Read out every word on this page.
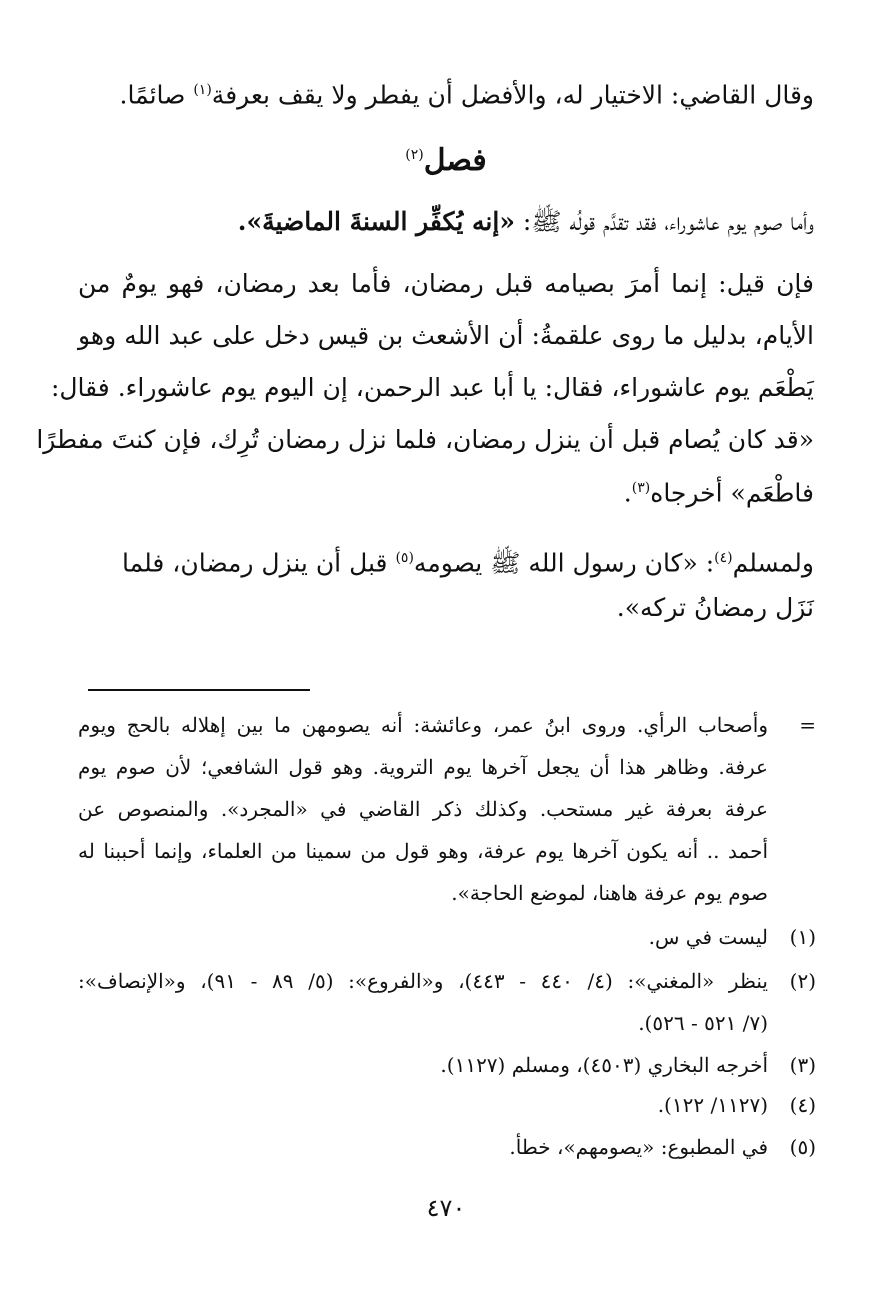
وقال القاضي: الاختيار له، والأفضل أن يفطر ولا يقف بعرفة$^{(١)}$ صائمًا.
فصل$^{(٢)}$
وأما صوم يوم عاشوراء، فقد تقدَّم قولُه ﷺ: «إنه يُكفِّر السنةَ الماضيةَ».
فإن قيل: إنما أمرَ بصيامه قبل رمضان، فأما بعد رمضان، فهو يومٌ من
الأيام، بدليل ما روى علقمةُ: أن الأشعث بن قيس دخل على عبد الله وهو
يَطْعَم يوم عاشوراء، فقال: يا أبا عبد الرحمن، إن اليوم يوم عاشوراء. فقال:
«قد كان يُصام قبل أن ينزل رمضان، فلما نزل رمضان تُرِك، فإن كنتَ مفطرًا
فاطْعَم» أخرجاه$^{(٣)}$.
ولمسلم$^{(٤)}$: «كان رسول الله ﷺ يصومه$^{(٥)}$ قبل أن ينزل رمضان، فلما
نَزَل رمضانُ تركه».
=
وأصحاب الرأي. وروى ابنُ عمر، وعائشة: أنه يصومهن ما بين إهلاله بالحج ويوم
عرفة. وظاهر هذا أن يجعل آخرها يوم التروية. وهو قول الشافعي؛ لأن صوم يوم
عرفة بعرفة غير مستحب. وكذلك ذكر القاضي في «المجرد». والمنصوص عن
أحمد .. أنه يكون آخرها يوم عرفة، وهو قول من سمينا من العلماء، وإنما أحببنا له
صوم يوم عرفة هاهنا، لموضع الحاجة».
(١)
ليست في س.
(٢)
ينظر «المغني»: (٤/ ٤٤٠ - ٤٤٣)، و«الفروع»: (٥/ ٨٩ - ٩١)، و«الإنصاف»:
(٧/ ٥٢١ - ٥٢٦).
(٣)
أخرجه البخاري (٤٥٠٣)، ومسلم (١١٢٧).
(٤)
(١١٢٧/ ١٢٢).
(٥)
في المطبوع: «يصومهم»، خطأ.
٤٧٠
